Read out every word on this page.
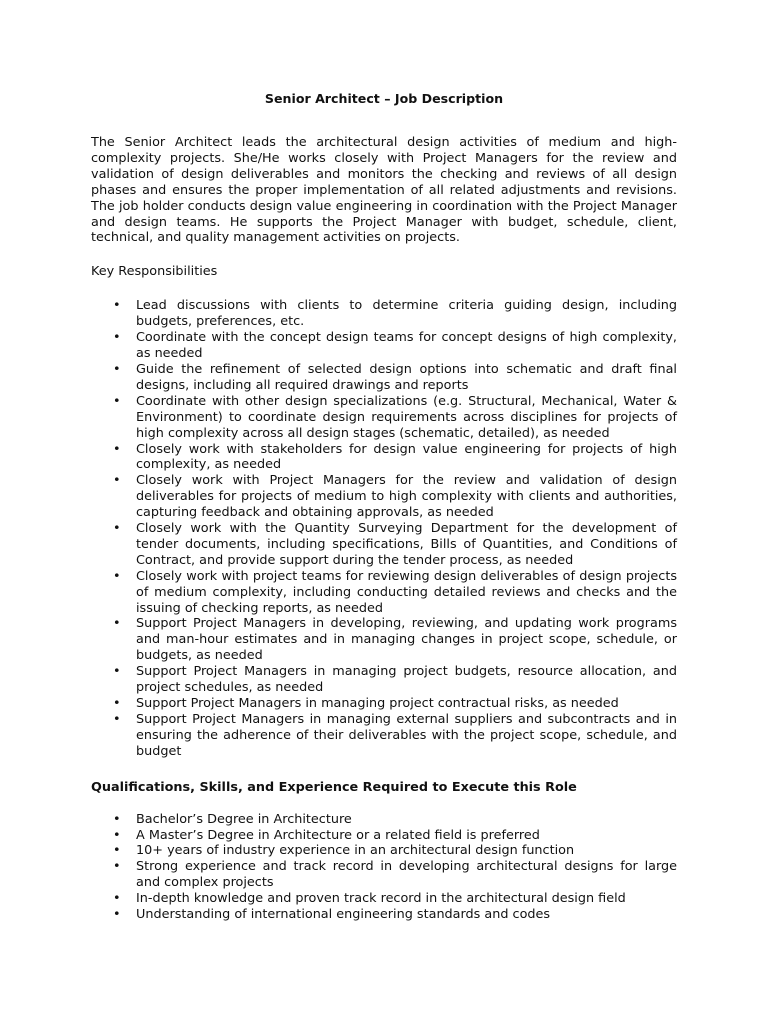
Senior Architect – Job Description

The Senior Architect leads the architectural design activities of medium and high-complexity projects. She/He works closely with Project Managers for the review and validation of design deliverables and monitors the checking and reviews of all design phases and ensures the proper implementation of all related adjustments and revisions. The job holder conducts design value engineering in coordination with the Project Manager and design teams. He supports the Project Manager with budget, schedule, client, technical, and quality management activities on projects.

Key Responsibilities
• Lead discussions with clients to determine criteria guiding design, including budgets, preferences, etc.
• Coordinate with the concept design teams for concept designs of high complexity, as needed
• Guide the refinement of selected design options into schematic and draft final designs, including all required drawings and reports
• Coordinate with other design specializations (e.g. Structural, Mechanical, Water & Environment) to coordinate design requirements across disciplines for projects of high complexity across all design stages (schematic, detailed), as needed
• Closely work with stakeholders for design value engineering for projects of high complexity, as needed
• Closely work with Project Managers for the review and validation of design deliverables for projects of medium to high complexity with clients and authorities, capturing feedback and obtaining approvals, as needed
• Closely work with the Quantity Surveying Department for the development of tender documents, including specifications, Bills of Quantities, and Conditions of Contract, and provide support during the tender process, as needed
• Closely work with project teams for reviewing design deliverables of design projects of medium complexity, including conducting detailed reviews and checks and the issuing of checking reports, as needed
• Support Project Managers in developing, reviewing, and updating work programs and man-hour estimates and in managing changes in project scope, schedule, or budgets, as needed
• Support Project Managers in managing project budgets, resource allocation, and project schedules, as needed
• Support Project Managers in managing project contractual risks, as needed
• Support Project Managers in managing external suppliers and subcontracts and in ensuring the adherence of their deliverables with the project scope, schedule, and budget
Qualifications, Skills, and Experience Required to Execute this Role
• Bachelor’s Degree in Architecture
• A Master’s Degree in Architecture or a related field is preferred
• 10+ years of industry experience in an architectural design function
• Strong experience and track record in developing architectural designs for large and complex projects
• In-depth knowledge and proven track record in the architectural design field
• Understanding of international engineering standards and codes
